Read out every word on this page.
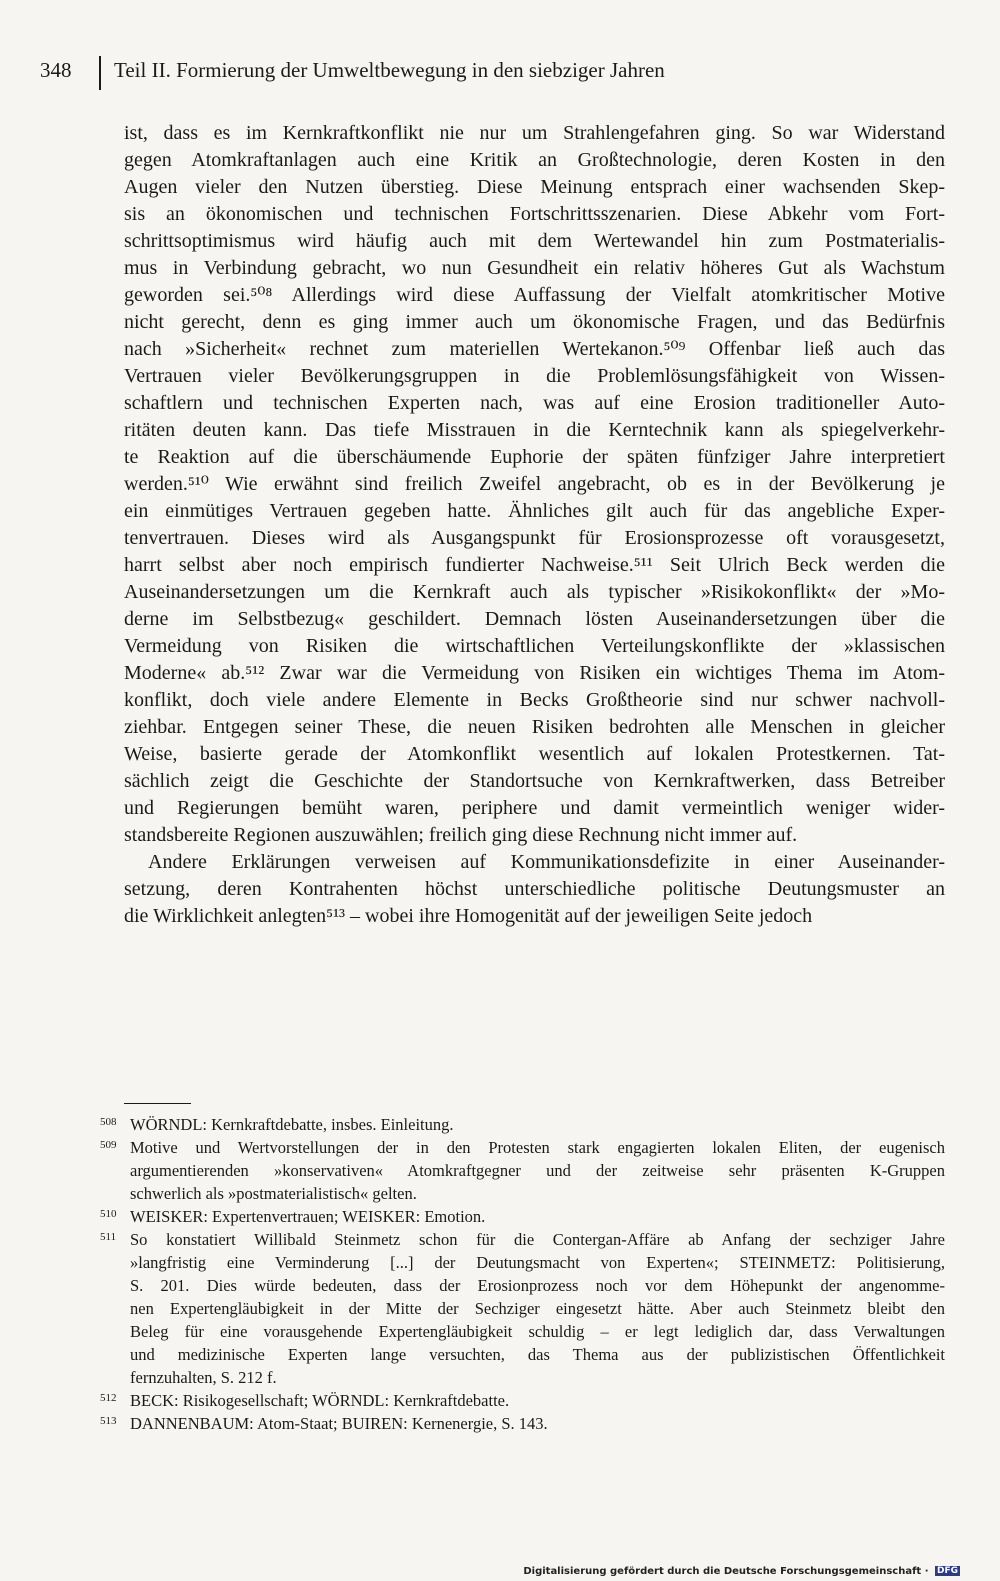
348 Teil II. Formierung der Umweltbewegung in den siebziger Jahren
ist, dass es im Kernkraftkonflikt nie nur um Strahlengefahren ging. So war Widerstand
gegen Atomkraftanlagen auch eine Kritik an Großtechnologie, deren Kosten in den
Augen vieler den Nutzen überstieg. Diese Meinung entsprach einer wachsenden Skep-
sis an ökonomischen und technischen Fortschrittsszenarien. Diese Abkehr vom Fort-
schrittsoptimismus wird häufig auch mit dem Wertewandel hin zum Postmaterialis-
mus in Verbindung gebracht, wo nun Gesundheit ein relativ höheres Gut als Wachstum
geworden sei.⁵⁰⁸ Allerdings wird diese Auffassung der Vielfalt atomkritischer Motive
nicht gerecht, denn es ging immer auch um ökonomische Fragen, und das Bedürfnis
nach »Sicherheit« rechnet zum materiellen Wertekanon.⁵⁰⁹ Offenbar ließ auch das
Vertrauen vieler Bevölkerungsgruppen in die Problemlösungsfähigkeit von Wissen-
schaftlern und technischen Experten nach, was auf eine Erosion traditioneller Auto-
ritäten deuten kann. Das tiefe Misstrauen in die Kerntechnik kann als spiegelverkehr-
te Reaktion auf die überschäumende Euphorie der späten fünfziger Jahre interpretiert
werden.⁵¹⁰ Wie erwähnt sind freilich Zweifel angebracht, ob es in der Bevölkerung je
ein einmütiges Vertrauen gegeben hatte. Ähnliches gilt auch für das angebliche Exper-
tenvertrauen. Dieses wird als Ausgangspunkt für Erosionsprozesse oft vorausgesetzt,
harrt selbst aber noch empirisch fundierter Nachweise.⁵¹¹ Seit Ulrich Beck werden die
Auseinandersetzungen um die Kernkraft auch als typischer »Risikokonflikt« der »Mo-
derne im Selbstbezug« geschildert. Demnach lösten Auseinandersetzungen über die
Vermeidung von Risiken die wirtschaftlichen Verteilungskonflikte der »klassischen
Moderne« ab.⁵¹² Zwar war die Vermeidung von Risiken ein wichtiges Thema im Atom-
konflikt, doch viele andere Elemente in Becks Großtheorie sind nur schwer nachvoll-
ziehbar. Entgegen seiner These, die neuen Risiken bedrohten alle Menschen in gleicher
Weise, basierte gerade der Atomkonflikt wesentlich auf lokalen Protestkernen. Tat-
sächlich zeigt die Geschichte der Standortsuche von Kernkraftwerken, dass Betreiber
und Regierungen bemüht waren, periphere und damit vermeintlich weniger wider-
standsbereite Regionen auszuwählen; freilich ging diese Rechnung nicht immer auf.
Andere Erklärungen verweisen auf Kommunikationsdefizite in einer Auseinander-
setzung, deren Kontrahenten höchst unterschiedliche politische Deutungsmuster an
die Wirklichkeit anlegten⁵¹³ – wobei ihre Homogenität auf der jeweiligen Seite jedoch
508 WÖRNDL: Kernkraftdebatte, insbes. Einleitung.
509 Motive und Wertvorstellungen der in den Protesten stark engagierten lokalen Eliten, der eugenisch
argumentierenden »konservativen« Atomkraftgegner und der zeitweise sehr präsenten K-Gruppen
schwerlich als »postmaterialistisch« gelten.
510 WEISKER: Expertenvertrauen; WEISKER: Emotion.
511 So konstatiert Willibald Steinmetz schon für die Contergan-Affäre ab Anfang der sechziger Jahre
»langfristig eine Verminderung [...] der Deutungsmacht von Experten«; STEINMETZ: Politisierung,
S. 201. Dies würde bedeuten, dass der Erosionprozess noch vor dem Höhepunkt der angenomme-
nen Expertengläubigkeit in der Mitte der Sechziger eingesetzt hätte. Aber auch Steinmetz bleibt den
Beleg für eine vorausgehende Expertengläubigkeit schuldig – er legt lediglich dar, dass Verwaltungen
und medizinische Experten lange versuchten, das Thema aus der publizistischen Öffentlichkeit
fernzuhalten, S. 212 f.
512 BECK: Risikogesellschaft; WÖRNDL: Kernkraftdebatte.
513 DANNENBAUM: Atom-Staat; BUIREN: Kernenergie, S. 143.
Digitalisierung gefördert durch die Deutsche Forschungsgemeinschaft · DFG
